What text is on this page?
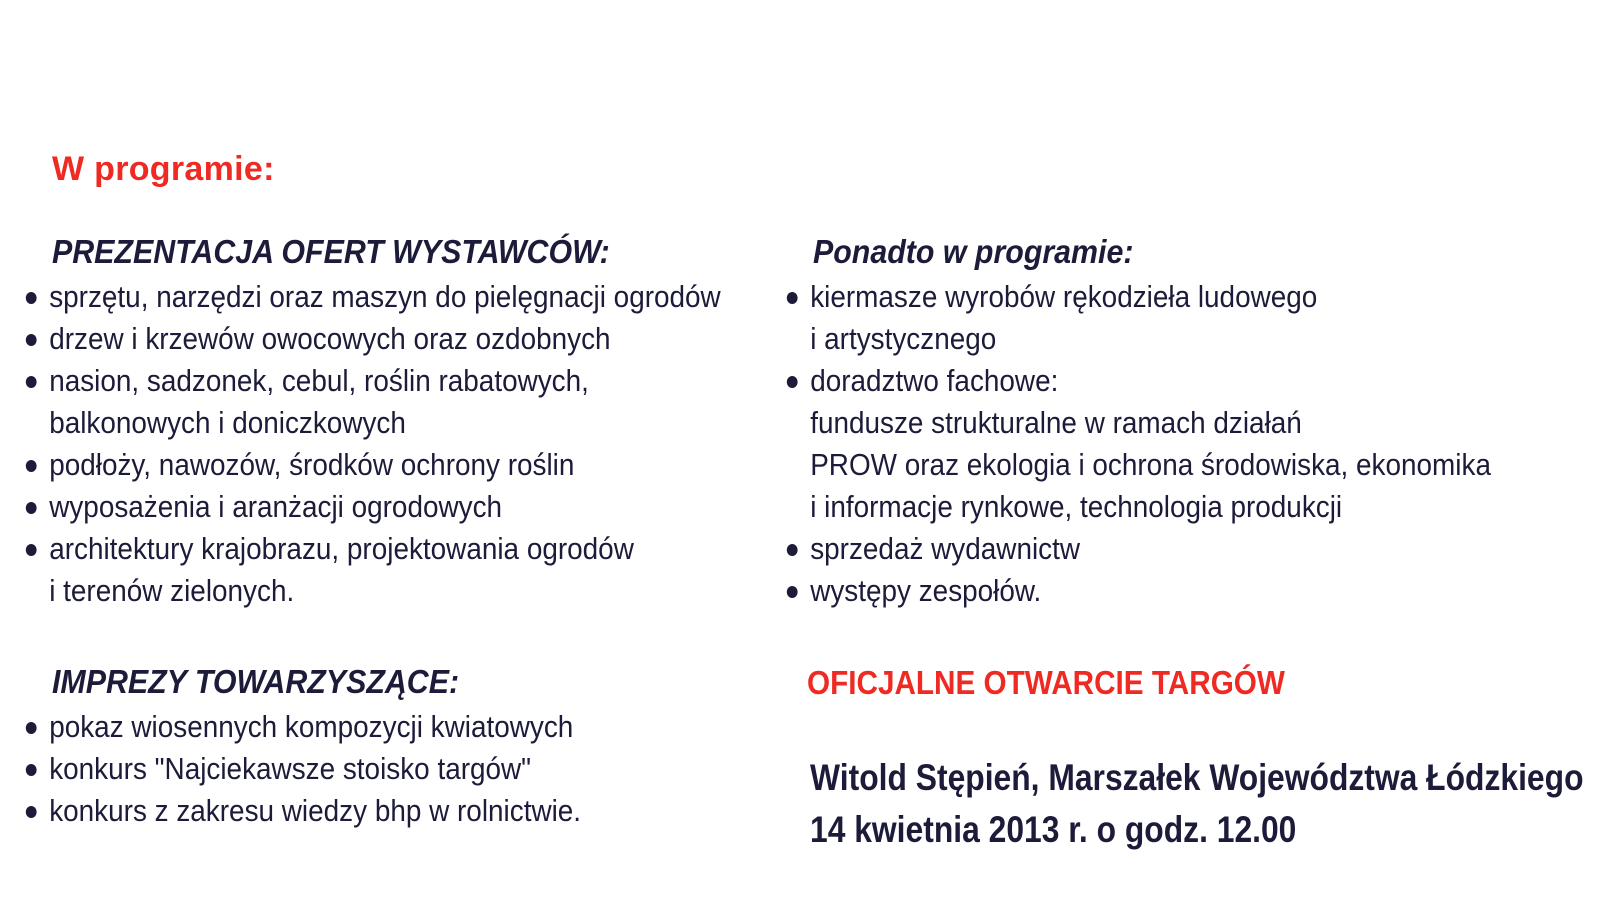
W programie:
PREZENTACJA OFERT WYSTAWCÓW:
sprzętu, narzędzi oraz maszyn do pielęgnacji ogrodów
drzew i krzewów owocowych oraz ozdobnych
nasion, sadzonek, cebul, roślin rabatowych,
balkonowych i doniczkowych
podłoży, nawozów, środków ochrony roślin
wyposażenia i aranżacji ogrodowych
architektury krajobrazu, projektowania ogrodów
i terenów zielonych.
IMPREZY TOWARZYSZĄCE:
pokaz wiosennych kompozycji kwiatowych
konkurs "Najciekawsze stoisko targów"
konkurs z zakresu wiedzy bhp w rolnictwie.
Ponadto w programie:
kiermasze wyrobów rękodzieła ludowego
i artystycznego
doradztwo fachowe:
fundusze strukturalne w ramach działań
PROW oraz ekologia i ochrona środowiska, ekonomika
i informacje rynkowe, technologia produkcji
sprzedaż wydawnictw
występy zespołów.
OFICJALNE OTWARCIE TARGÓW
Witold Stępień, Marszałek Województwa Łódzkiego
14 kwietnia 2013 r. o godz. 12.00
